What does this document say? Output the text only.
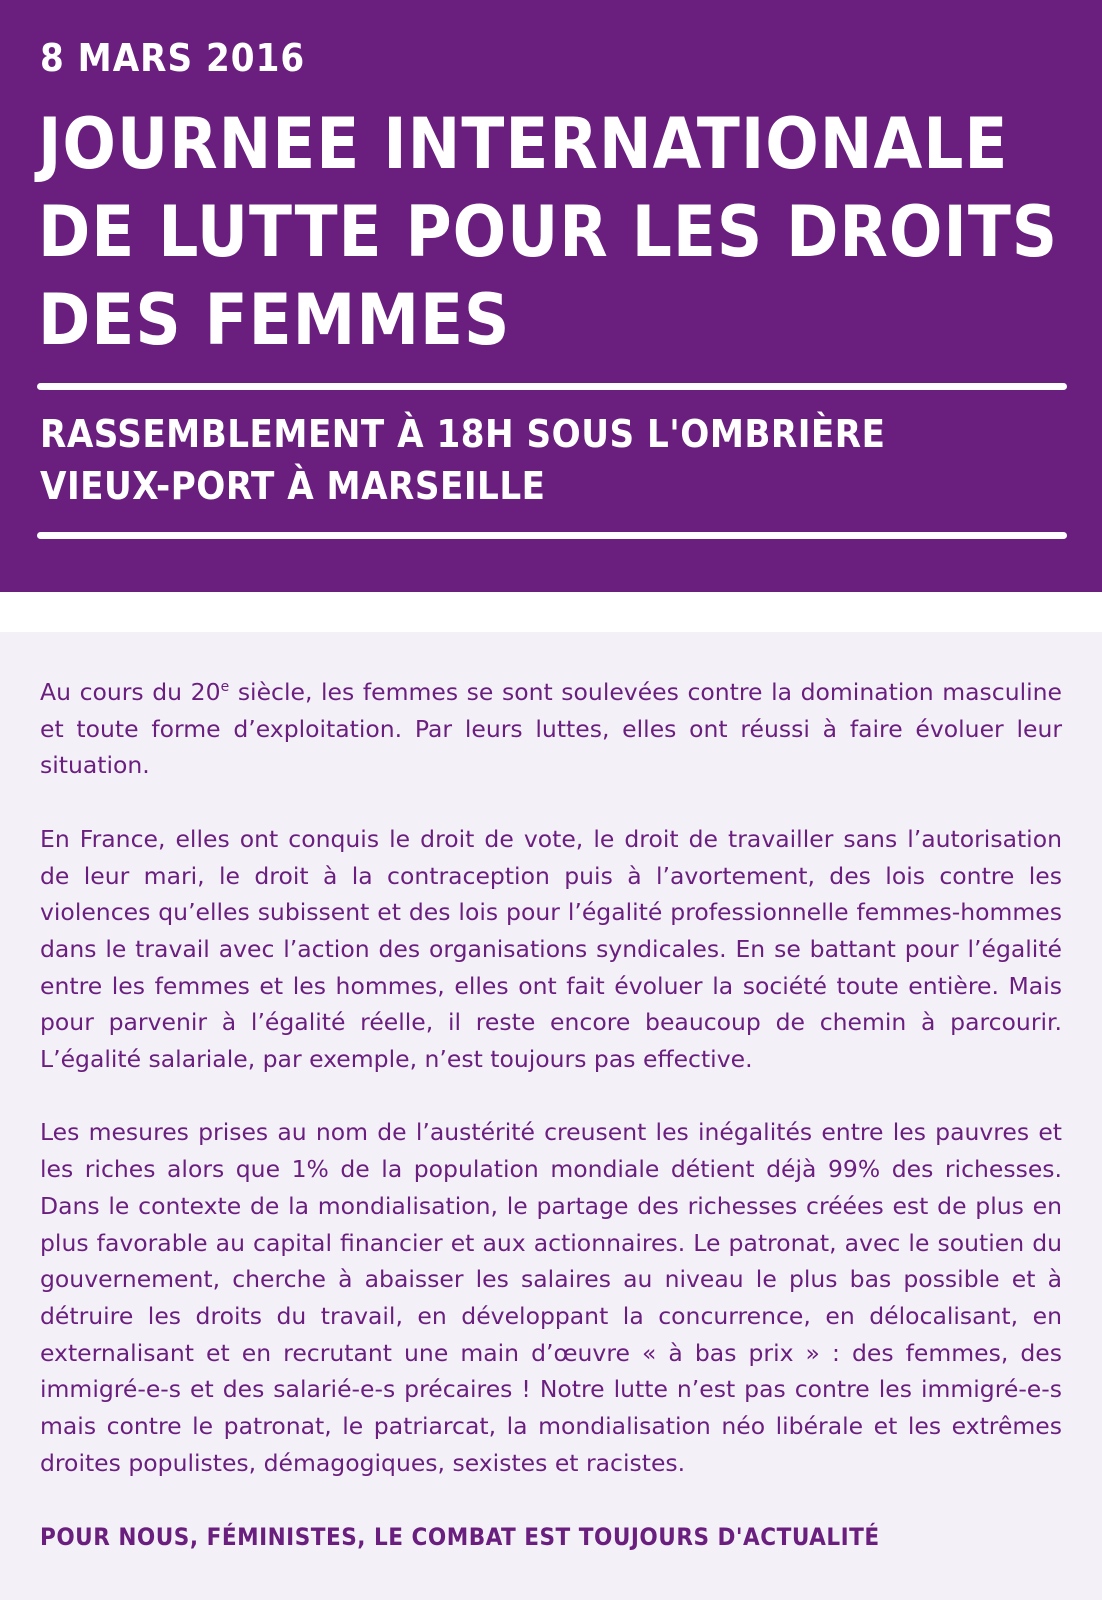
8 MARS 2016
JOURNEE INTERNATIONALE
DE LUTTE POUR LES DROITS
DES FEMMES
RASSEMBLEMENT À 18H SOUS L'OMBRIÈRE
VIEUX-PORT À MARSEILLE

Au cours du 20e siècle, les femmes se sont soulevées contre la domination masculine et toute forme d’exploitation. Par leurs luttes, elles ont réussi à faire évoluer leur situation.

En France, elles ont conquis le droit de vote, le droit de travailler sans l’autorisation de leur mari, le droit à la contraception puis à l’avortement, des lois contre les violences qu’elles subissent et des lois pour l’égalité professionnelle femmes-hommes dans le travail avec l’action des organisations syndicales. En se battant pour l’égalité entre les femmes et les hommes, elles ont fait évoluer la société toute entière. Mais pour parvenir à l’égalité réelle, il reste encore beaucoup de chemin à parcourir. L’égalité salariale, par exemple, n’est toujours pas effective.

Les mesures prises au nom de l’austérité creusent les inégalités entre les pauvres et les riches alors que 1% de la population mondiale détient déjà 99% des richesses. Dans le contexte de la mondialisation, le partage des richesses créées est de plus en plus favorable au capital financier et aux actionnaires. Le patronat, avec le soutien du gouvernement, cherche à abaisser les salaires au niveau le plus bas possible et à détruire les droits du travail, en développant la concurrence, en délocalisant, en externalisant et en recrutant une main d’œuvre « à bas prix » : des femmes, des immigré-e-s et des salarié-e-s précaires ! Notre lutte n’est pas contre les immigré-e-s mais contre le patronat, le patriarcat, la mondialisation néo libérale et les extrêmes droites populistes, démagogiques, sexistes et racistes.

POUR NOUS, FÉMINISTES, LE COMBAT EST TOUJOURS D'ACTUALITÉ
